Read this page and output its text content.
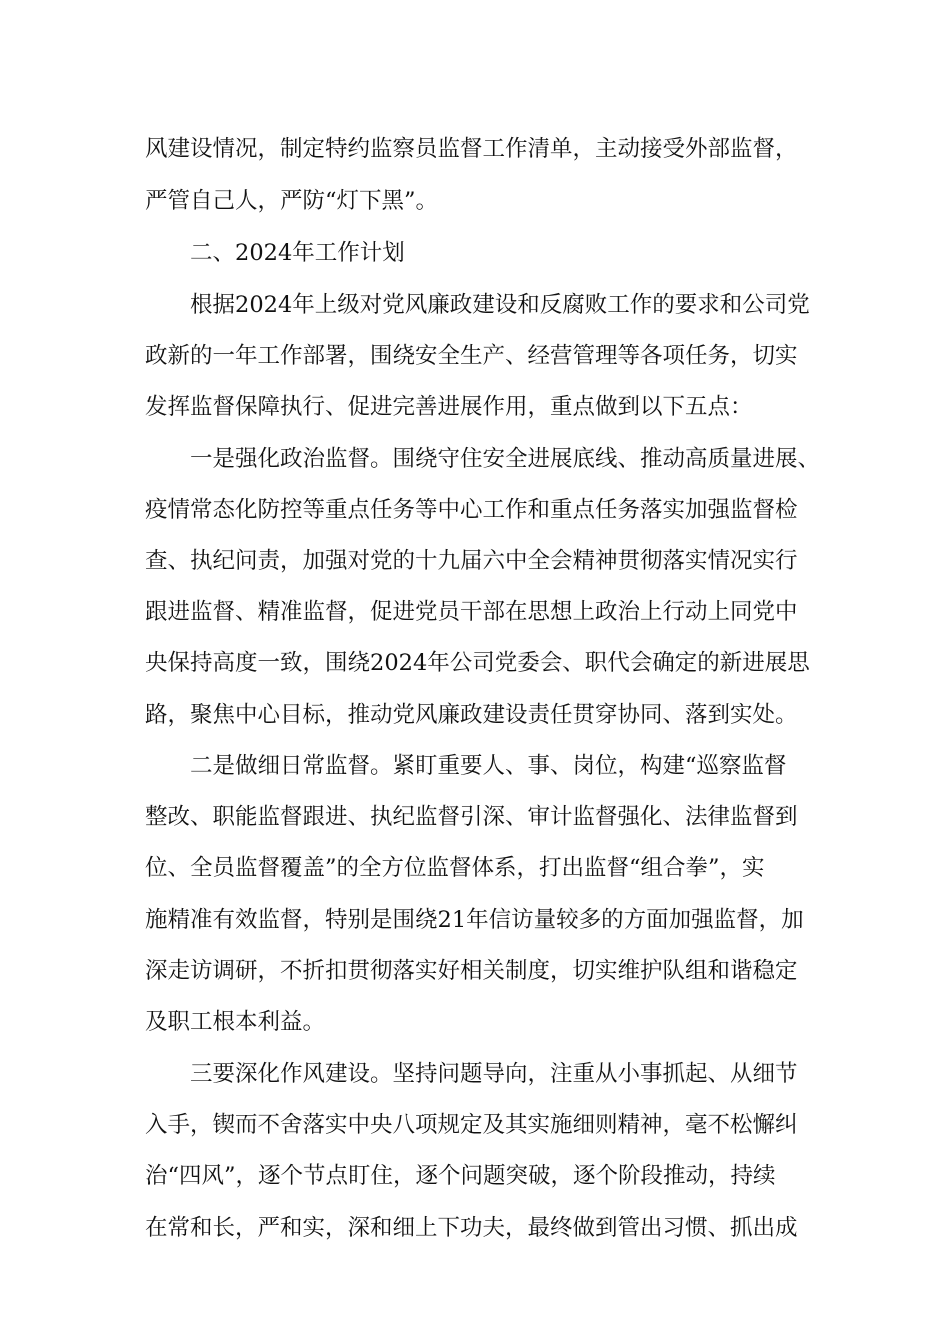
风建设情况，制定特约监察员监督工作清单，主动接受外部监督，
严管自己人，严防“灯下黑”。
二、2024年工作计划
根据2024年上级对党风廉政建设和反腐败工作的要求和公司党
政新的一年工作部署，围绕安全生产、经营管理等各项任务，切实
发挥监督保障执行、促进完善进展作用，重点做到以下五点：
一是强化政治监督。围绕守住安全进展底线、推动高质量进展、
疫情常态化防控等重点任务等中心工作和重点任务落实加强监督检
查、执纪问责，加强对党的十九届六中全会精神贯彻落实情况实行
跟进监督、精准监督，促进党员干部在思想上政治上行动上同党中
央保持高度一致，围绕2024年公司党委会、职代会确定的新进展思
路，聚焦中心目标，推动党风廉政建设责任贯穿协同、落到实处。
二是做细日常监督。紧盯重要人、事、岗位，构建“巡察监督
整改、职能监督跟进、执纪监督引深、审计监督强化、法律监督到
位、全员监督覆盖”的全方位监督体系，打出监督“组合拳”，实
施精准有效监督，特别是围绕21年信访量较多的方面加强监督，加
深走访调研，不折扣贯彻落实好相关制度，切实维护队组和谐稳定
及职工根本利益。
三要深化作风建设。坚持问题导向，注重从小事抓起、从细节
入手，锲而不舍落实中央八项规定及其实施细则精神，毫不松懈纠
治“四风”，逐个节点盯住，逐个问题突破，逐个阶段推动，持续
在常和长，严和实，深和细上下功夫，最终做到管出习惯、抓出成
